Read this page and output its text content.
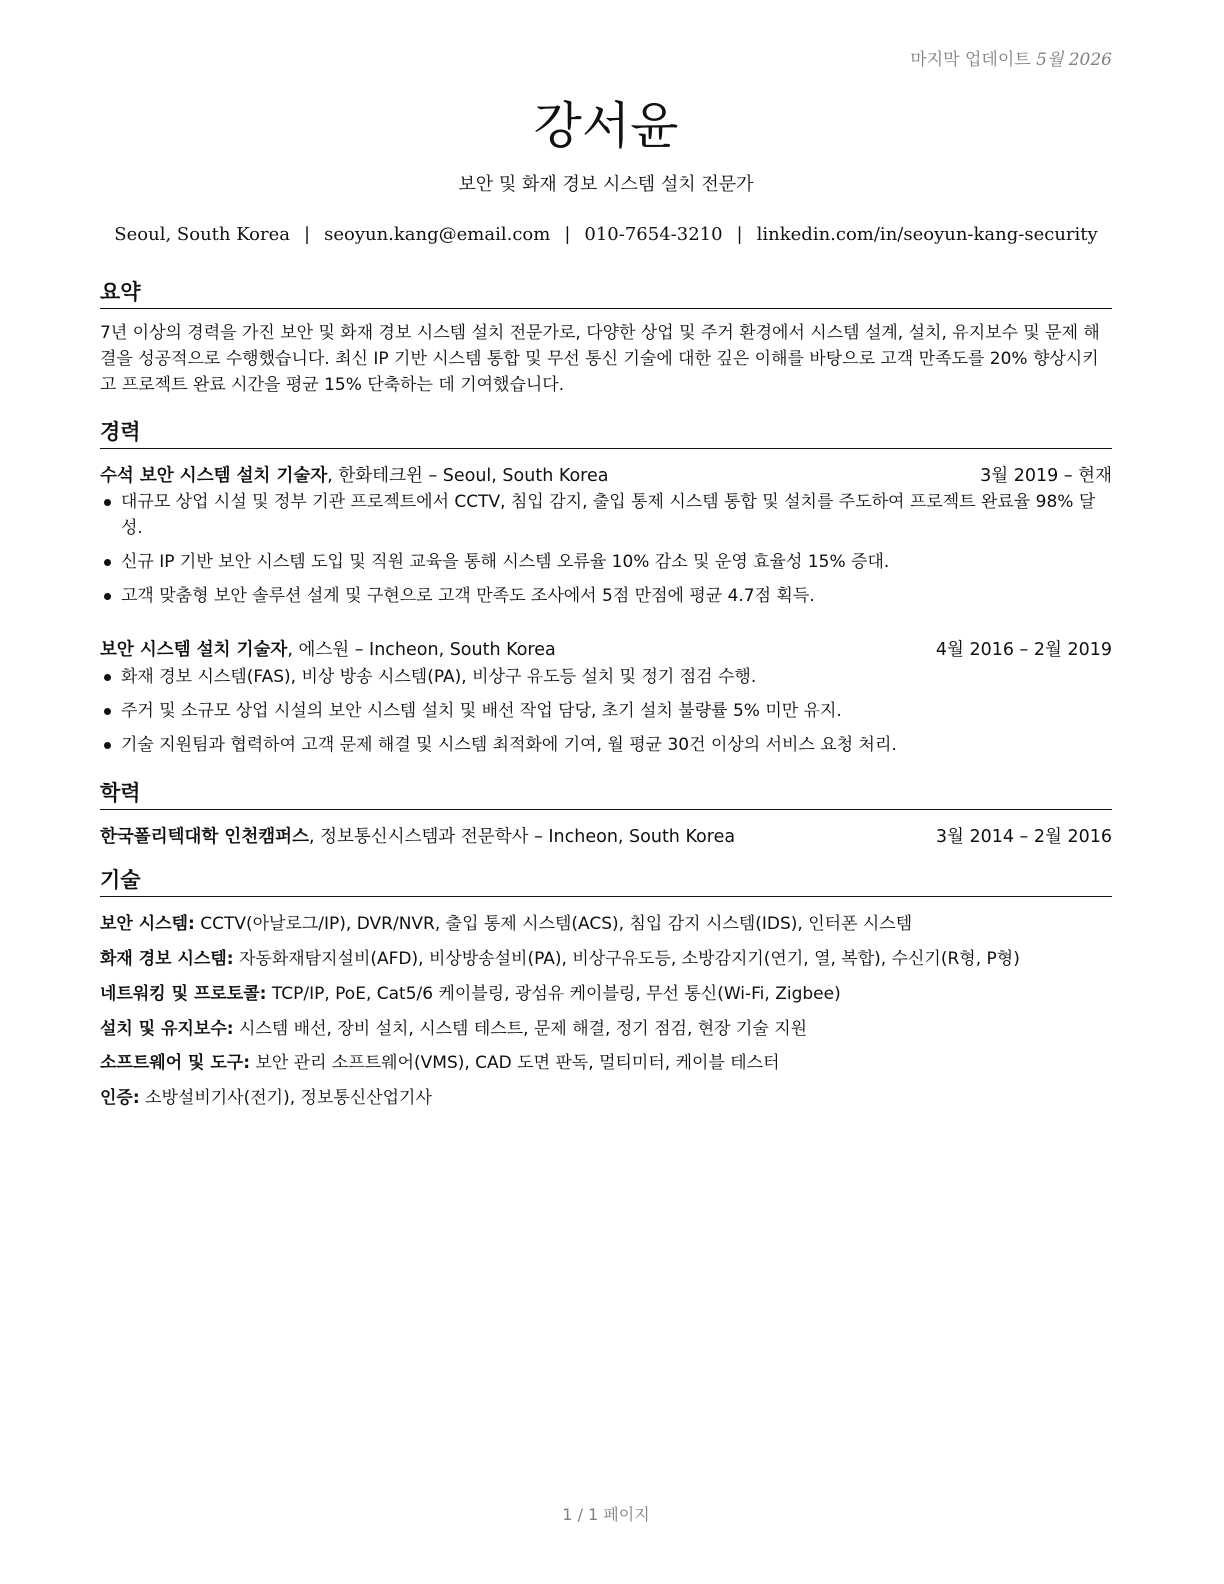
마지막 업데이트 5월 2026
강서윤
보안 및 화재 경보 시스템 설치 전문가
Seoul, South Korea | seoyun.kang@email.com | 010-7654-3210 | linkedin.com/in/seoyun-kang-security
요약
7년 이상의 경력을 가진 보안 및 화재 경보 시스템 설치 전문가로, 다양한 상업 및 주거 환경에서 시스템 설계, 설치, 유지보수 및 문제 해결을 성공적으로 수행했습니다. 최신 IP 기반 시스템 통합 및 무선 통신 기술에 대한 깊은 이해를 바탕으로 고객 만족도를 20% 향상시키고 프로젝트 완료 시간을 평균 15% 단축하는 데 기여했습니다.
경력
수석 보안 시스템 설치 기술자, 한화테크윈 – Seoul, South Korea	3월 2019 – 현재
대규모 상업 시설 및 정부 기관 프로젝트에서 CCTV, 침입 감지, 출입 통제 시스템 통합 및 설치를 주도하여 프로젝트 완료율 98% 달성.
신규 IP 기반 보안 시스템 도입 및 직원 교육을 통해 시스템 오류율 10% 감소 및 운영 효율성 15% 증대.
고객 맞춤형 보안 솔루션 설계 및 구현으로 고객 만족도 조사에서 5점 만점에 평균 4.7점 획득.
보안 시스템 설치 기술자, 에스원 – Incheon, South Korea	4월 2016 – 2월 2019
화재 경보 시스템(FAS), 비상 방송 시스템(PA), 비상구 유도등 설치 및 정기 점검 수행.
주거 및 소규모 상업 시설의 보안 시스템 설치 및 배선 작업 담당, 초기 설치 불량률 5% 미만 유지.
기술 지원팀과 협력하여 고객 문제 해결 및 시스템 최적화에 기여, 월 평균 30건 이상의 서비스 요청 처리.
학력
한국폴리텍대학 인천캠퍼스, 정보통신시스템과 전문학사 – Incheon, South Korea	3월 2014 – 2월 2016
기술
보안 시스템: CCTV(아날로그/IP), DVR/NVR, 출입 통제 시스템(ACS), 침입 감지 시스템(IDS), 인터폰 시스템
화재 경보 시스템: 자동화재탐지설비(AFD), 비상방송설비(PA), 비상구유도등, 소방감지기(연기, 열, 복합), 수신기(R형, P형)
네트워킹 및 프로토콜: TCP/IP, PoE, Cat5/6 케이블링, 광섬유 케이블링, 무선 통신(Wi-Fi, Zigbee)
설치 및 유지보수: 시스템 배선, 장비 설치, 시스템 테스트, 문제 해결, 정기 점검, 현장 기술 지원
소프트웨어 및 도구: 보안 관리 소프트웨어(VMS), CAD 도면 판독, 멀티미터, 케이블 테스터
인증: 소방설비기사(전기), 정보통신산업기사
1 / 1 페이지
